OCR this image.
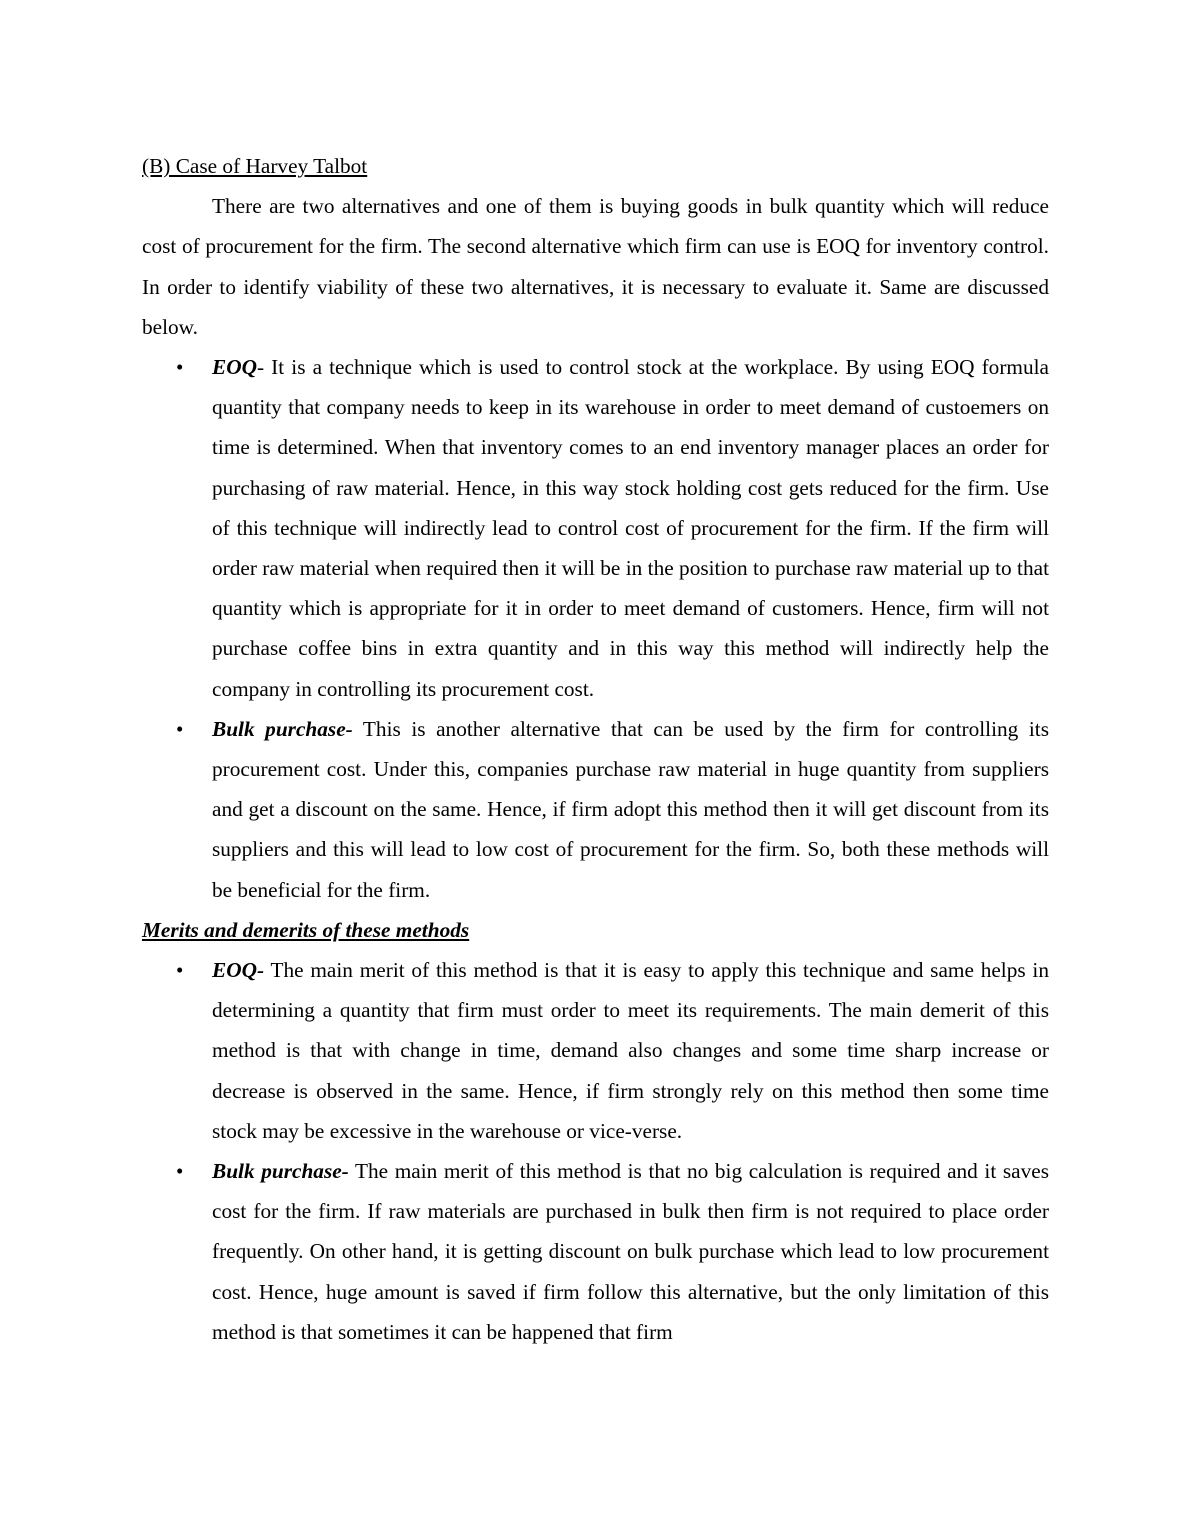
(B) Case of Harvey Talbot

There are two alternatives and one of them is buying goods in bulk quantity which will reduce cost of procurement for the firm. The second alternative which firm can use is EOQ for inventory control. In order to identify viability of these two alternatives, it is necessary to evaluate it. Same are discussed below.

• EOQ- It is a technique which is used to control stock at the workplace. By using EOQ formula quantity that company needs to keep in its warehouse in order to meet demand of custoemers on time is determined. When that inventory comes to an end inventory manager places an order for purchasing of raw material. Hence, in this way stock holding cost gets reduced for the firm. Use of this technique will indirectly lead to control cost of procurement for the firm. If the firm will order raw material when required then it will be in the position to purchase raw material up to that quantity which is appropriate for it in order to meet demand of customers. Hence, firm will not purchase coffee bins in extra quantity and in this way this method will indirectly help the company in controlling its procurement cost.
• Bulk purchase- This is another alternative that can be used by the firm for controlling its procurement cost. Under this, companies purchase raw material in huge quantity from suppliers and get a discount on the same. Hence, if firm adopt this method then it will get discount from its suppliers and this will lead to low cost of procurement for the firm. So, both these methods will be beneficial for the firm.
Merits and demerits of these methods
• EOQ- The main merit of this method is that it is easy to apply this technique and same helps in determining a quantity that firm must order to meet its requirements. The main demerit of this method is that with change in time, demand also changes and some time sharp increase or decrease is observed in the same. Hence, if firm strongly rely on this method then some time stock may be excessive in the warehouse or vice-verse.
• Bulk purchase- The main merit of this method is that no big calculation is required and it saves cost for the firm. If raw materials are purchased in bulk then firm is not required to place order frequently. On other hand, it is getting discount on bulk purchase which lead to low procurement cost. Hence, huge amount is saved if firm follow this alternative, but the only limitation of this method is that sometimes it can be happened that firm
